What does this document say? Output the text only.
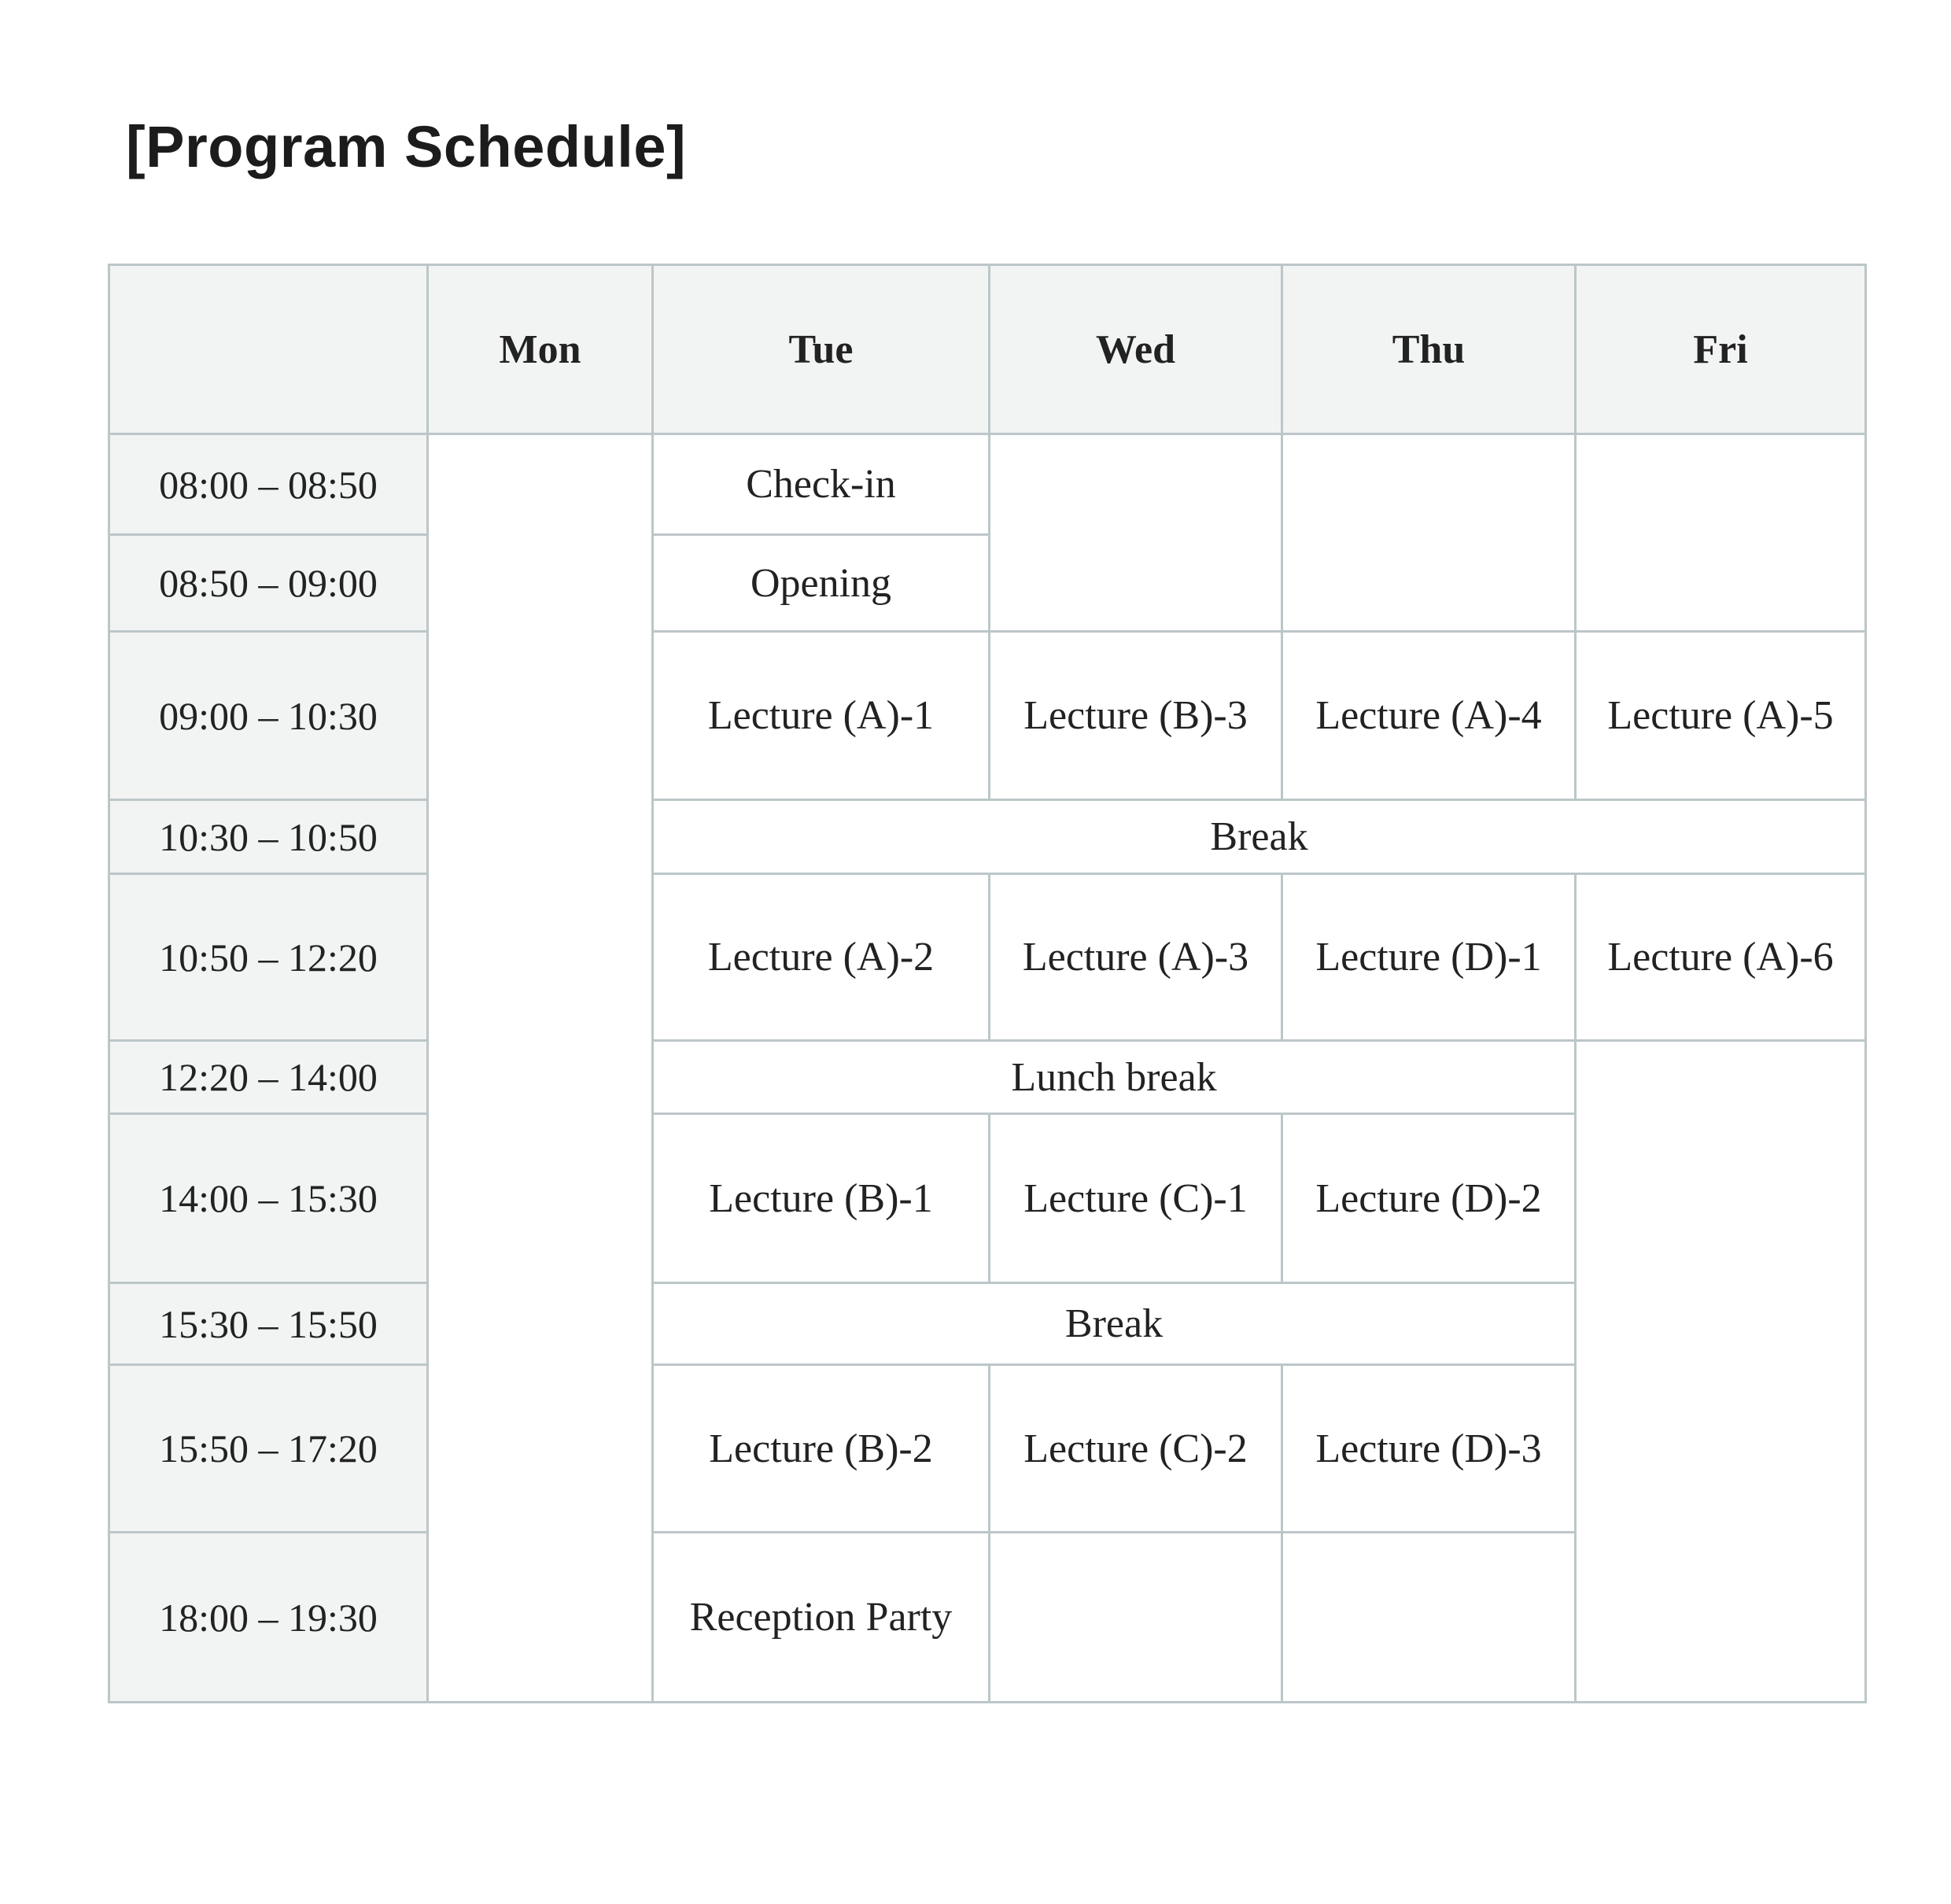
[Program Schedule]
	Mon	Tue	Wed	Thu	Fri
08:00 – 08:50		Check-in			
08:50 – 09:00		Opening			
09:00 – 10:30		Lecture (A)-1	Lecture (B)-3	Lecture (A)-4	Lecture (A)-5
10:30 – 10:50		Break			
10:50 – 12:20		Lecture (A)-2	Lecture (A)-3	Lecture (D)-1	Lecture (A)-6
12:20 – 14:00		Lunch break	
14:00 – 15:30		Lecture (B)-1	Lecture (C)-1	Lecture (D)-2	
15:30 – 15:50		Break			
15:50 – 17:20		Lecture (B)-2	Lecture (C)-2	Lecture (D)-3	
18:00 – 19:30		Reception Party			
